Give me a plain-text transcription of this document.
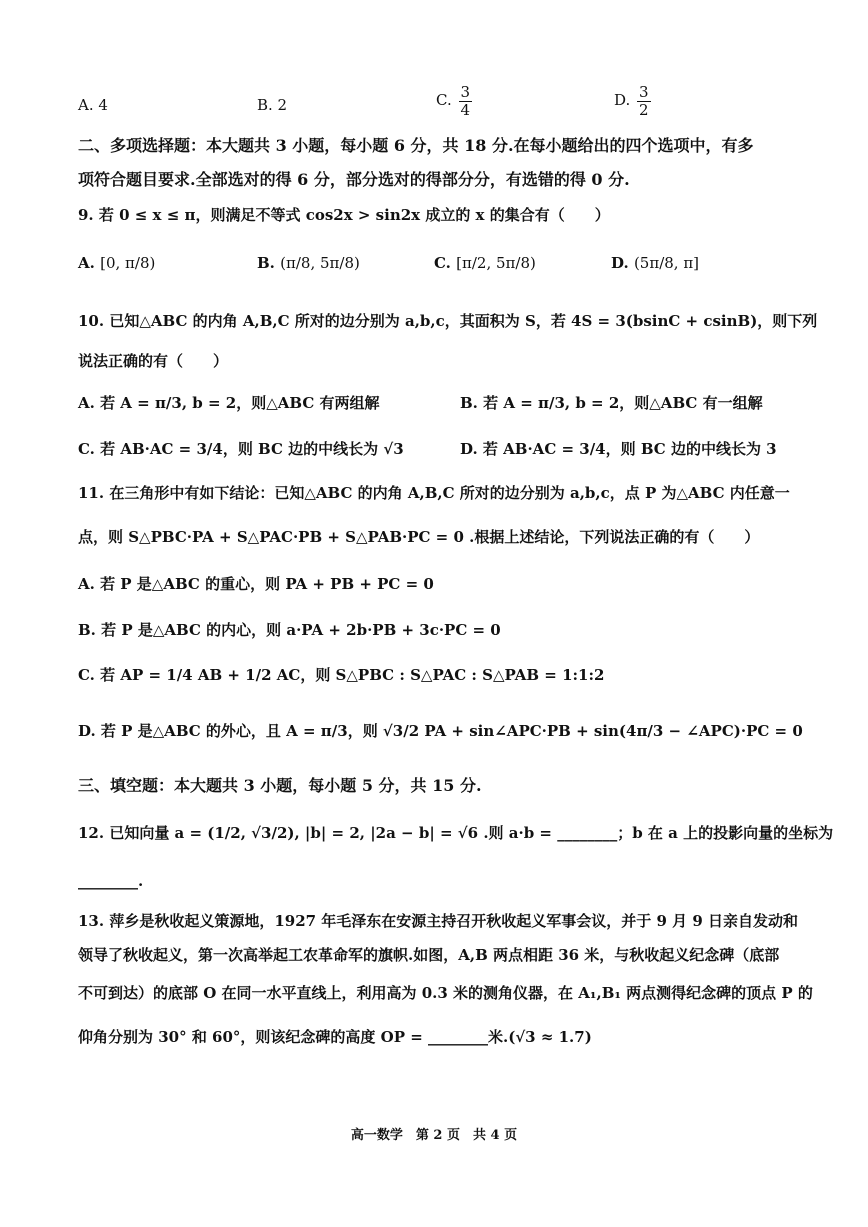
A. 4	B. 2	C. $\frac{3}{4}$	D. $\frac{3}{2}$
二、多项选择题：本大题共 3 小题，每小题 6 分，共 18 分.在每小题给出的四个选项中，有多
项符合题目要求.全部选对的得 6 分，部分选对的得部分分，有选错的得 0 分.
9. 若 0 ≤ x ≤ π，则满足不等式 cos2x > sin2x 成立的 x 的集合有（　　）
A. [0, π/8)	B. (π/8, 5π/8)	C. [π/2, 5π/8)	D. (5π/8, π]
10. 已知△ABC 的内角 A,B,C 所对的边分别为 a,b,c，其面积为 S，若 4S = 3(bsinC + csinB)，则下列
说法正确的有（　　）
A. 若 A = π/3, b = 2，则△ABC 有两组解	B. 若 A = π/3, b = 2，则△ABC 有一组解
C. 若 AB·AC = 3/4，则 BC 边的中线长为 √3	D. 若 AB·AC = 3/4，则 BC 边的中线长为 3
11. 在三角形中有如下结论：已知△ABC 的内角 A,B,C 所对的边分别为 a,b,c，点 P 为△ABC 内任意一
点，则 S△PBC·PA + S△PAC·PB + S△PAB·PC = 0 .根据上述结论，下列说法正确的有（　　）
A. 若 P 是△ABC 的重心，则 PA + PB + PC = 0
B. 若 P 是△ABC 的内心，则 a·PA + 2b·PB + 3c·PC = 0
C. 若 AP = 1/4 AB + 1/2 AC，则 S△PBC : S△PAC : S△PAB = 1:1:2
D. 若 P 是△ABC 的外心，且 A = π/3，则 √3/2 PA + sin∠APC·PB + sin(4π/3 − ∠APC)·PC = 0
三、填空题：本大题共 3 小题，每小题 5 分，共 15 分.
12. 已知向量 a = (1/2, √3/2), |b| = 2, |2a − b| = √6 .则 a·b = ________；b 在 a 上的投影向量的坐标为
________.
13. 萍乡是秋收起义策源地，1927 年毛泽东在安源主持召开秋收起义军事会议，并于 9 月 9 日亲自发动和
领导了秋收起义，第一次高举起工农革命军的旗帜.如图，A,B 两点相距 36 米，与秋收起义纪念碑（底部
不可到达）的底部 O 在同一水平直线上，利用高为 0.3 米的测角仪器，在 A₁,B₁ 两点测得纪念碑的顶点 P 的
仰角分别为 30° 和 60°，则该纪念碑的高度 OP = ________米.(√3 ≈ 1.7)
高一数学　第 2 页　共 4 页
